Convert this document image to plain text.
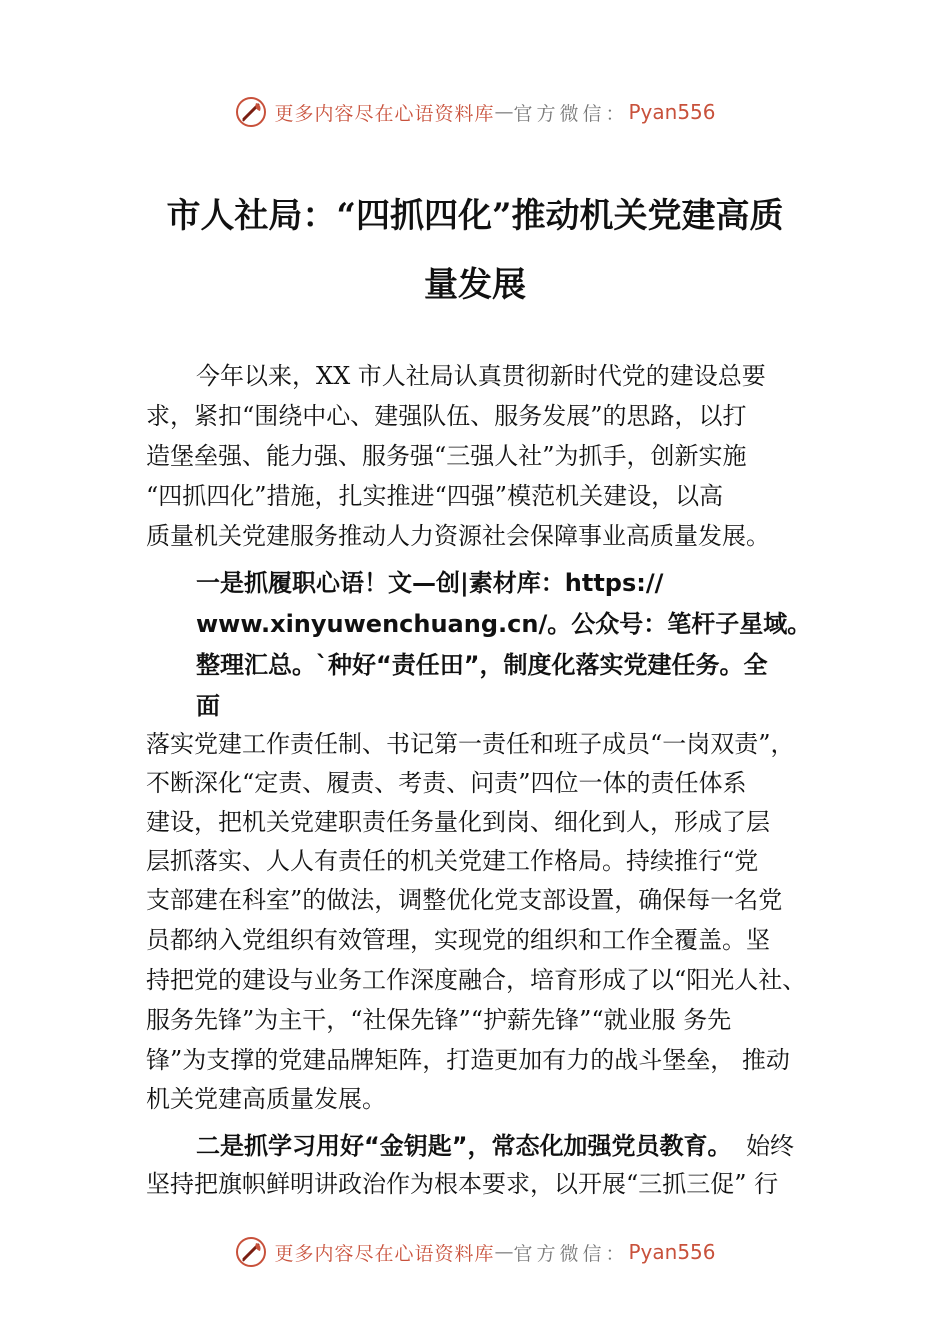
更多内容尽在心语资料库 — 官方微信： Pyan556
市人社局：“四抓四化”推动机关党建高质
量发展
今年以来，XX 市人社局认真贯彻新时代党的建设总要
求，紧扣“围绕中心、建强队伍、服务发展”的思路，以打
造堡垒强、能力强、服务强“三强人社”为抓手，创新实施
“四抓四化”措施，扎实推进“四强”模范机关建设，以高
质量机关党建服务推动人力资源社会保障事业高质量发展。
一是抓履职心语！文—创|素材库：https://
www.xinyuwenchuang.cn/。公众号：笔杆子星域。
整理汇总。`种好“责任田”，制度化落实党建任务。全
面
落实党建工作责任制、书记第一责任和班子成员“一岗双责”，
不断深化“定责、履责、考责、问责”四位一体的责任体系
建设，把机关党建职责任务量化到岗、细化到人，形成了层
层抓落实、人人有责任的机关党建工作格局。持续推行“党
支部建在科室”的做法，调整优化党支部设置，确保每一名党
员都纳入党组织有效管理，实现党的组织和工作全覆盖。坚
持把党的建设与业务工作深度融合，培育形成了以“阳光人社、
服务先锋”为主干，“社保先锋”“护薪先锋”“就业服 务先
锋”为支撑的党建品牌矩阵，打造更加有力的战斗堡垒， 推动
机关党建高质量发展。
二是抓学习用好“金钥匙”，常态化加强党员教育。 始终
坚持把旗帜鲜明讲政治作为根本要求，以开展“三抓三促” 行
更多内容尽在心语资料库 — 官方微信： Pyan556
